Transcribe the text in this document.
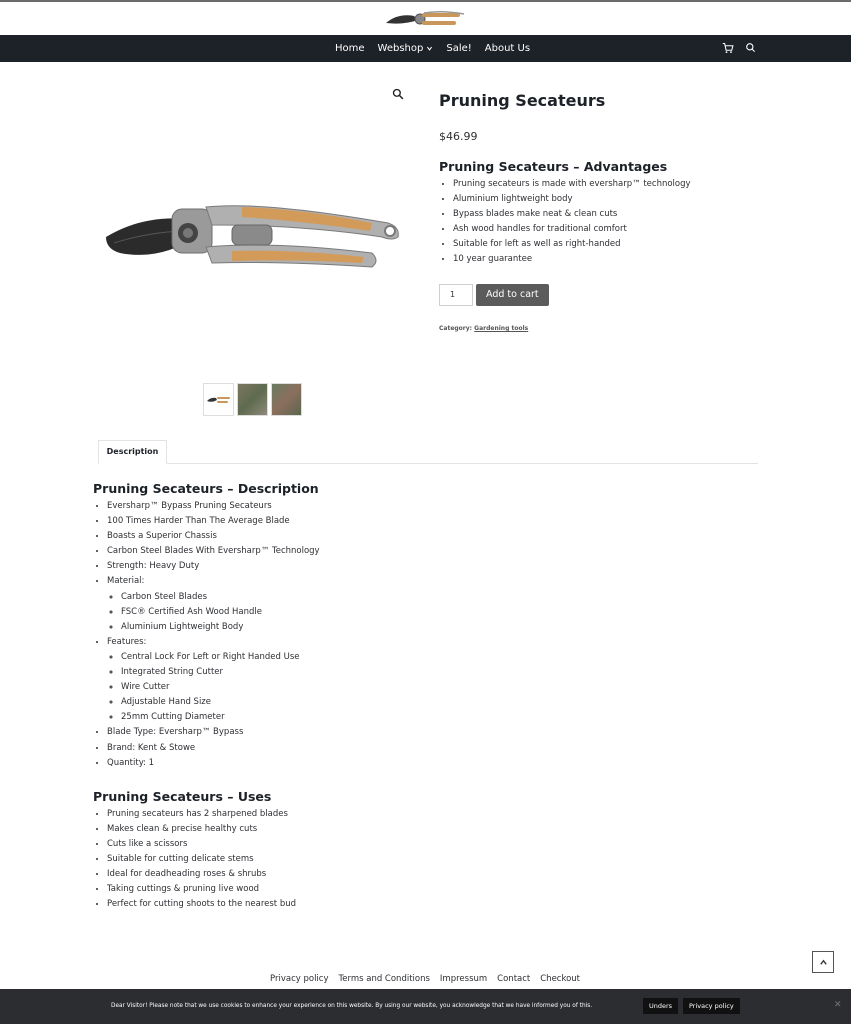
Home Webshop Sale! About Us
Pruning Secateurs
$46.99
Pruning Secateurs – Advantages
• Pruning secateurs is made with eversharp™ technology
• Aluminium lightweight body
• Bypass blades make neat & clean cuts
• Ash wood handles for traditional comfort
• Suitable for left as well as right-handed
• 10 year guarantee
1	Add to cart
Category: Gardening tools
Description
Pruning Secateurs – Description
• Eversharp™ Bypass Pruning Secateurs
• 100 Times Harder Than The Average Blade
• Boasts a Superior Chassis
• Carbon Steel Blades With Eversharp™ Technology
• Strength: Heavy Duty
• Material:
◦ Carbon Steel Blades
◦ FSC® Certified Ash Wood Handle
◦ Aluminium Lightweight Body
• Features:
◦ Central Lock For Left or Right Handed Use
◦ Integrated String Cutter
◦ Wire Cutter
◦ Adjustable Hand Size
◦ 25mm Cutting Diameter
• Blade Type: Eversharp™ Bypass
• Brand: Kent & Stowe
• Quantity: 1
Pruning Secateurs – Uses
• Pruning secateurs has 2 sharpened blades
• Makes clean & precise healthy cuts
• Cuts like a scissors
• Suitable for cutting delicate stems
• Ideal for deadheading roses & shrubs
• Taking cuttings & pruning live wood
• Perfect for cutting shoots to the nearest bud
Privacy policy Terms and Conditions Impressum Contact Checkout
Dear Visitor! Please note that we use cookies to enhance your experience on this website. By using our website, you acknowledge that we have informed you of this.	Unders	Privacy policy	✕
